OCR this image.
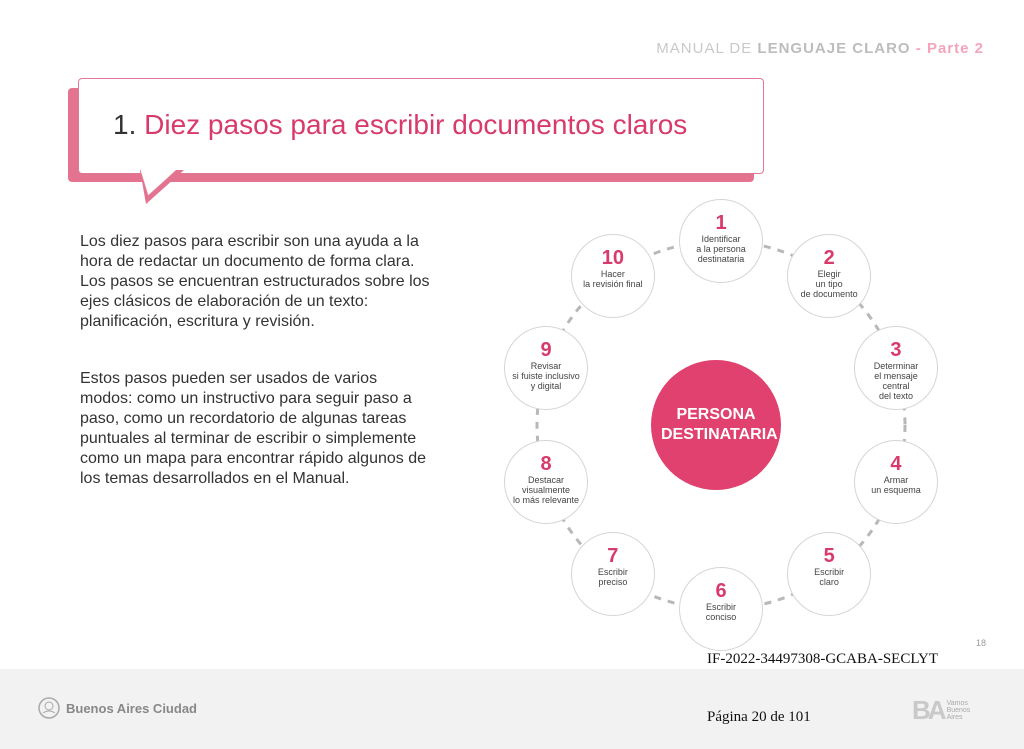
MANUAL DE LENGUAJE CLARO - Parte 2
1. Diez pasos para escribir documentos claros
Los diez pasos para escribir son una ayuda a la hora de redactar un documento de forma clara. Los pasos se encuentran estructurados sobre los ejes clásicos de elaboración de un texto: planificación, escritura y revisión.
Estos pasos pueden ser usados de varios modos: como un instructivo para seguir paso a paso, como un recordatorio de algunas tareas puntuales al terminar de escribir o simplemente como un mapa para encontrar rápido algunos de los temas desarrollados en el Manual.
1
Identificar
a la persona
destinataria	2
Elegir
un tipo
de documento
3
Determinar
el mensaje
central
del texto
4
Armar
un esquema
5
Escribir
claro
6
Escribir
conciso
7
Escribir
preciso
8
Destacar
visualmente
lo más relevante
9
Revisar
si fuiste inclusivo
y digital
10
Hacer
la revisión final
PERSONA DESTINATARIA
18
IF-2022-34497308-GCABA-SECLYT
Buenos Aires Ciudad
Página 20 de 101	BA Vamos
Buenos
Aires
